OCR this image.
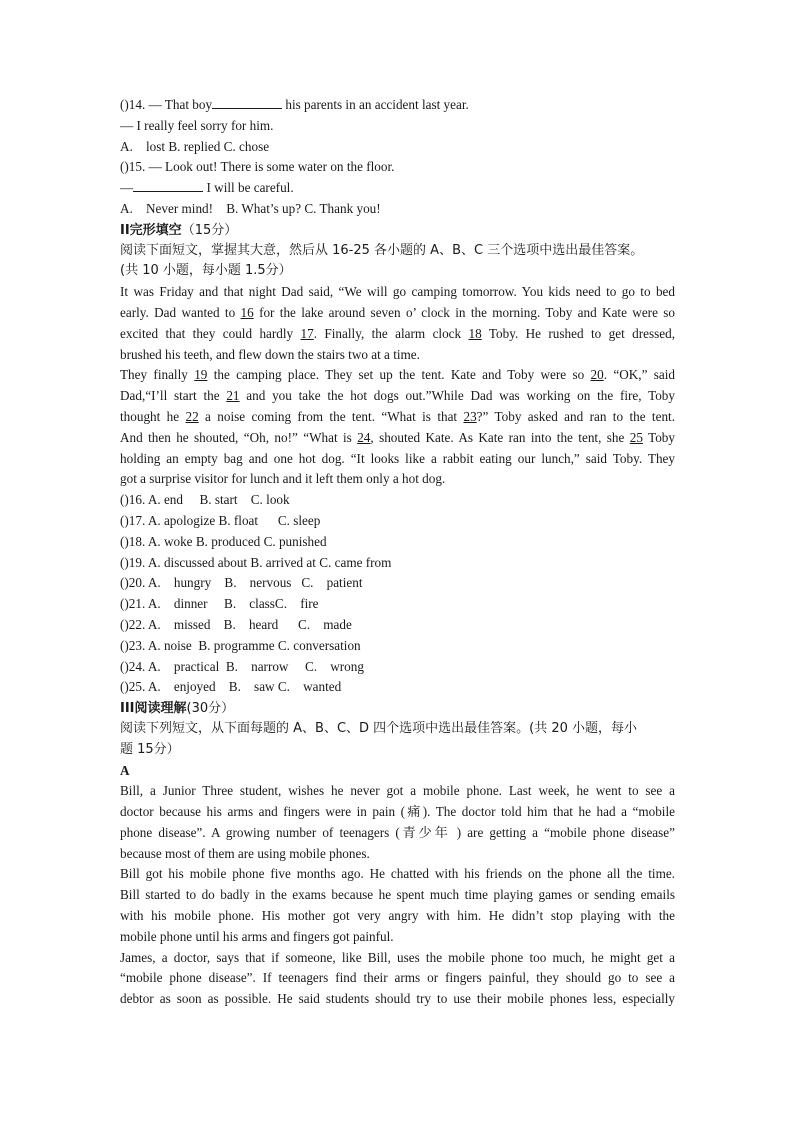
()14. — That boy	his parents in an accident last year.
— I really feel sorry for him.
A.    lost B. replied C. chose
()15. — Look out! There is some water on the floor.
—	I will be careful.
A.    Never mind!    B. What’s up? C. Thank you!
II完形填空（15分）
阅读下面短文，掌握其大意，然后从 16-25 各小题的 A、B、C 三个选项中选出最佳答案。
(共 10 小题，每小题 1.5分）
It was Friday and that night Dad said, “We will go camping tomorrow. You kids need to go to bed
early. Dad wanted to 16 for the lake around seven o’ clock in the morning. Toby and Kate were so
excited that they could hardly 17. Finally, the alarm clock 18 Toby. He rushed to get dressed,
brushed his teeth, and flew down the stairs two at a time.
They finally 19 the camping place. They set up the tent. Kate and Toby were so 20. “OK,” said
Dad,“I’ll start the 21 and you take the hot dogs out.”While Dad was working on the fire, Toby
thought he 22 a noise coming from the tent. “What is that 23?” Toby asked and ran to the tent.
And then he shouted, “Oh, no!” “What is 24, shouted Kate. As Kate ran into the tent, she 25 Toby
holding an empty bag and one hot dog. “It looks like a rabbit eating our lunch,” said Toby. They
got a surprise visitor for lunch and it left them only a hot dog.
()16. A. end     B. start    C. look
()17. A. apologize B. float      C. sleep
()18. A. woke B. produced C. punished
()19. A. discussed about B. arrived at C. came from
()20. A.    hungry    B.    nervous   C.    patient
()21. A.    dinner     B.    classC.    fire
()22. A.    missed    B.    heard      C.    made
()23. A. noise  B. programme C. conversation
()24. A.    practical  B.    narrow     C.    wrong
()25. A.    enjoyed    B.    saw C.    wanted
III阅读理解(30分）
阅读下列短文，从下面每题的 A、B、C、D 四个选项中选出最佳答案。(共 20 小题，每小
题 15分）
A
Bill, a Junior Three student, wishes he never got a mobile phone. Last week, he went to see a
doctor because his arms and fingers were in pain (痛). The doctor told him that he had a “mobile
phone disease”. A growing number of teenagers (青少年 ) are getting a “mobile phone disease”
because most of them are using mobile phones.
Bill got his mobile phone five months ago. He chatted with his friends on the phone all the time.
Bill started to do badly in the exams because he spent much time playing games or sending emails
with his mobile phone. His mother got very angry with him. He didn’t stop playing with the
mobile phone until his arms and fingers got painful.
James, a doctor, says that if someone, like Bill, uses the mobile phone too much, he might get a
“mobile phone disease”. If teenagers find their arms or fingers painful, they should go to see a
debtor as soon as possible. He said students should try to use their mobile phones less, especially
